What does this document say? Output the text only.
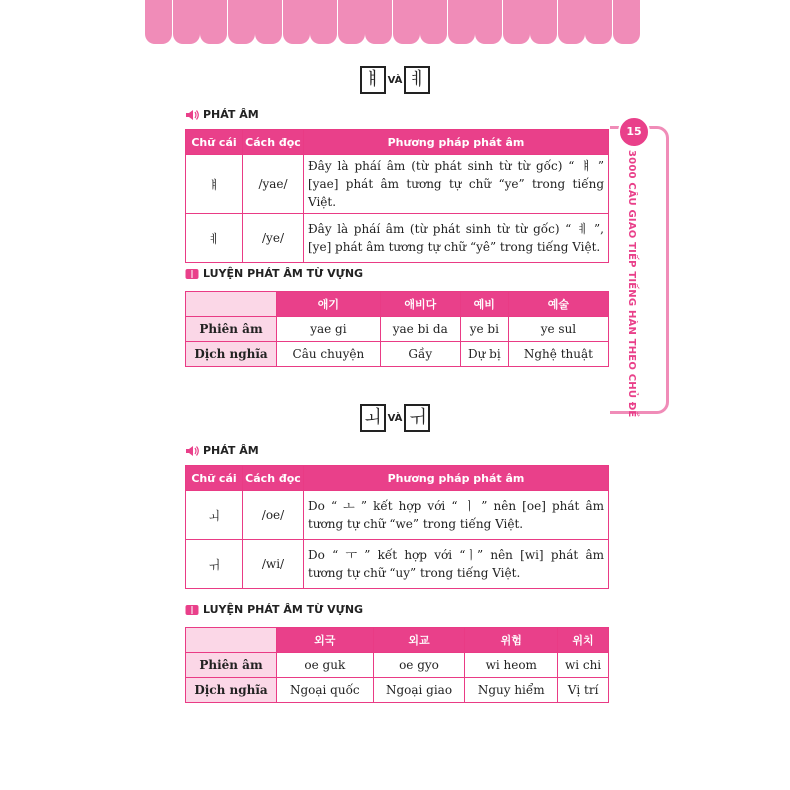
15
3000 CÂU GIAO TIẾP TIẾNG HÀN THEO CHỦ ĐỀ
ㅒ VÀ ㅖ
PHÁT ÂM
Chữ cái	Cách đọc	Phương pháp phát âm
ㅒ	/yae/	Đây là pháí âm (từ phát sinh từ từ gốc) “ ㅒ ” [yae] phát âm tương tự chữ “ye” trong tiếng Việt.
ㅖ	/ye/	Đây là pháí âm (từ phát sinh từ từ gốc) “ ㅖ ”, [ye] phát âm tương tự chữ “yê” trong tiếng Việt.
LUYỆN PHÁT ÂM TỪ VỰNG
	애기	애비다	예비	예술
Phiên âm	yae gi	yae bi da	ye bi	ye sul
Dịch nghĩa	Câu chuyện	Gầy	Dự bị	Nghệ thuật
ㅚ VÀ ㅟ
PHÁT ÂM
Chữ cái	Cách đọc	Phương pháp phát âm
ㅚ	/oe/	Do “ ㅗ ” kết hợp với “ ㅣ ” nên [oe] phát âm tương tự chữ “we” trong tiếng Việt.
ㅟ	/wi/	Do “ ㅜ ” kết hợp với “ㅣ” nên [wi] phát âm tương tự chữ “uy” trong tiếng Việt.
LUYỆN PHÁT ÂM TỪ VỰNG
	외국	외교	위험	위치
Phiên âm	oe guk	oe gyo	wi heom	wi chi
Dịch nghĩa	Ngoại quốc	Ngoại giao	Nguy hiểm	Vị trí
